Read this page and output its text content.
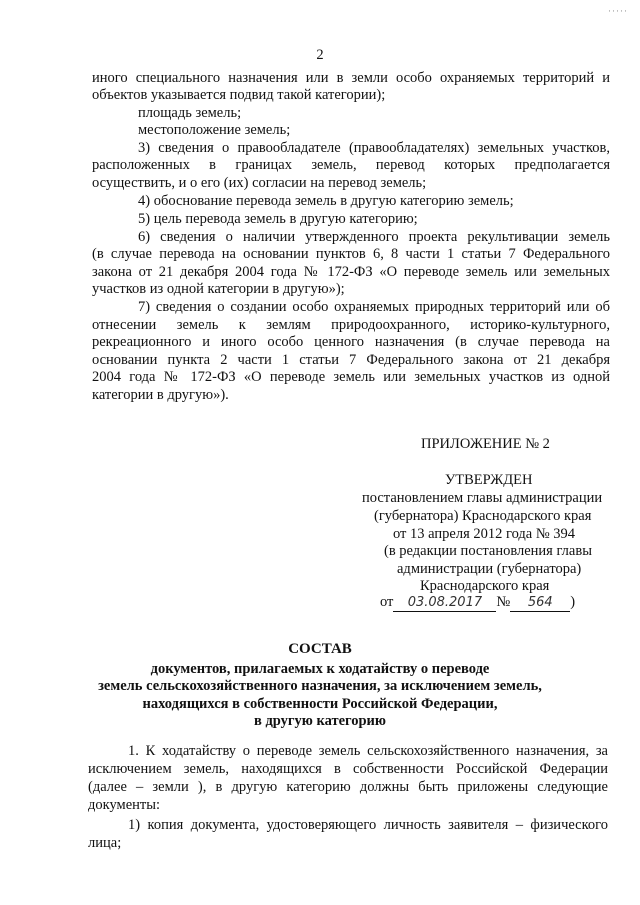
·····
2
иного специального назначения или в земли особо охраняемых территорий и
объектов указывается подвид такой категории);
площадь земель;
местоположение земель;
3) сведения о правообладателе (правообладателях) земельных участков,
расположенных в границах земель, перевод которых предполагается
осуществить, и о его (их) согласии на перевод земель;
4) обоснование перевода земель в другую категорию земель;
5) цель перевода земель в другую категорию;
6) сведения о наличии утвержденного проекта рекультивации земель
(в случае перевода на основании пунктов 6, 8 части 1 статьи 7 Федерального
закона от 21 декабря 2004 года № 172-ФЗ «О переводе земель или земельных
участков из одной категории в другую»);
7) сведения о создании особо охраняемых природных территорий или об
отнесении земель к землям природоохранного, историко-культурного,
рекреационного и иного особо ценного назначения (в случае перевода на
основании пункта 2 части 1 статьи 7 Федерального закона от 21 декабря
2004 года № 172-ФЗ «О переводе земель или земельных участков из одной
категории в другую»).
ПРИЛОЖЕНИЕ № 2
УТВЕРЖДЕН
постановлением главы администрации
(губернатора) Краснодарского края
от 13 апреля 2012 года № 394
(в редакции постановления главы
администрации (губернатора)
Краснодарского края
от 03.08.2017 № 564 )
СОСТАВ
документов, прилагаемых к ходатайству о переводе
земель сельскохозяйственного назначения, за исключением земель,
находящихся в собственности Российской Федерации,
в другую категорию
1. К ходатайству о переводе земель сельскохозяйственного назначения, за
исключением земель, находящихся в собственности Российской Федерации
(далее – земли ), в другую категорию должны быть приложены следующие
документы:
1) копия документа, удостоверяющего личность заявителя – физического
лица;
